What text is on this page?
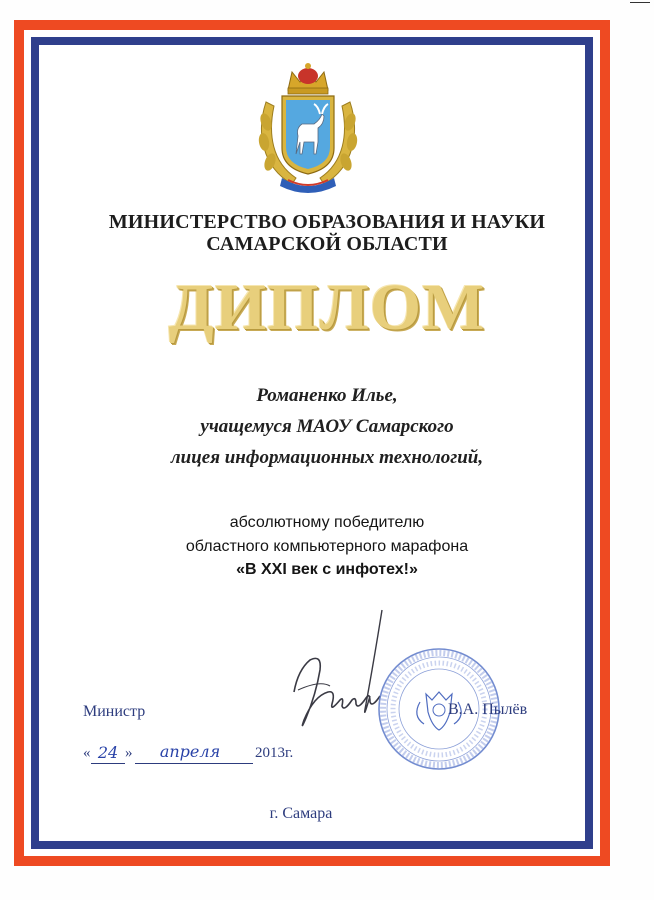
МИНИСТЕРСТВО ОБРАЗОВАНИЯ И НАУКИ
САМАРСКОЙ ОБЛАСТИ
ДИПЛОМ
Романенко Илье,
учащемуся МАОУ Самарского
лицея информационных технологий,
абсолютному победителю
областного компьютерного марафона
«В XXI век с инфотех!»
Министр	В.А. Пылёв
« 24 »	апреля	2013г.
г. Самара
